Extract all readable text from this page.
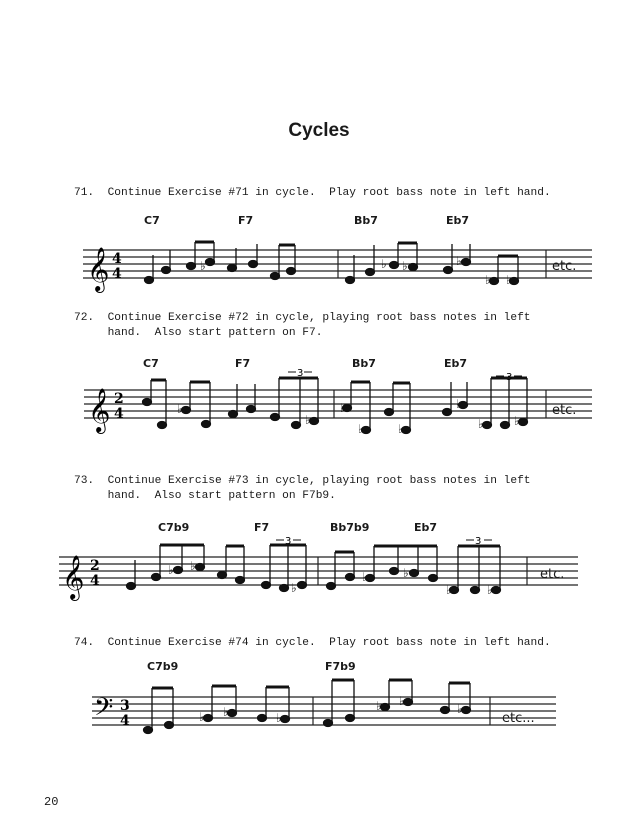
Cycles
71.  Continue Exercise #71 in cycle.  Play root bass note in left hand.
C7	F7	Bb7	Eb7
etc.
72.  Continue Exercise #72 in cycle, playing root bass notes in left
hand.  Also start pattern on F7.
C7	F7	Bb7	Eb7
etc.
73.  Continue Exercise #73 in cycle, playing root bass notes in left
hand.  Also start pattern on F7b9.
C7b9	F7	Bb7b9	Eb7
etc.
74.  Continue Exercise #74 in cycle.  Play root bass note in left hand.
C7b9	F7b9
etc...
𝄞 4
4	♭	♭ ♭	♭
♭ ♭
𝄞 2
4
3	3
♭
♭
♭
♭	♭
♭
♭	♭
𝄞 2
4
3	3
♭ ♭
♭
♭	♭
♭	♭
𝄢 3
4	♭ ♭	♭
♭ ♭
♭
20
